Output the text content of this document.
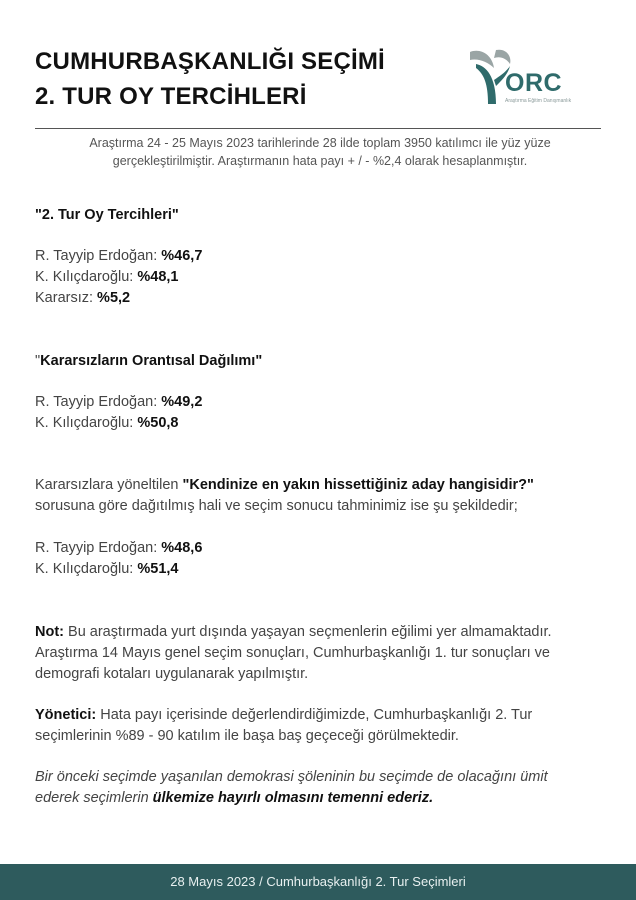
CUMHURBAŞKANLIĞI SEÇİMİ
2. TUR OY TERCİHLERİ	ORC
Araştırma Eğitim Danışmanlık
Araştırma 24 - 25 Mayıs 2023 tarihlerinde 28 ilde toplam 3950 katılımcı ile yüz yüze
gerçekleştirilmiştir. Araştırmanın hata payı + / - %2,4 olarak hesaplanmıştır.
"2. Tur Oy Tercihleri"
R. Tayyip Erdoğan: %46,7
K. Kılıçdaroğlu: %48,1
Kararsız: %5,2
"Kararsızların Orantısal Dağılımı"
R. Tayyip Erdoğan: %49,2
K. Kılıçdaroğlu: %50,8
Kararsızlara yöneltilen "Kendinize en yakın hissettiğiniz aday hangisidir?"
sorusuna göre dağıtılmış hali ve seçim sonucu tahminimiz ise şu şekildedir;
R. Tayyip Erdoğan: %48,6
K. Kılıçdaroğlu: %51,4
Not: Bu araştırmada yurt dışında yaşayan seçmenlerin eğilimi yer almamaktadır.
Araştırma 14 Mayıs genel seçim sonuçları, Cumhurbaşkanlığı 1. tur sonuçları ve
demografi kotaları uygulanarak yapılmıştır.
Yönetici: Hata payı içerisinde değerlendirdiğimizde, Cumhurbaşkanlığı 2. Tur
seçimlerinin %89 - 90 katılım ile başa baş geçeceği görülmektedir.
Bir önceki seçimde yaşanılan demokrasi şöleninin bu seçimde de olacağını ümit
ederek seçimlerin ülkemize hayırlı olmasını temenni ederiz.
28 Mayıs 2023 / Cumhurbaşkanlığı 2. Tur Seçimleri
